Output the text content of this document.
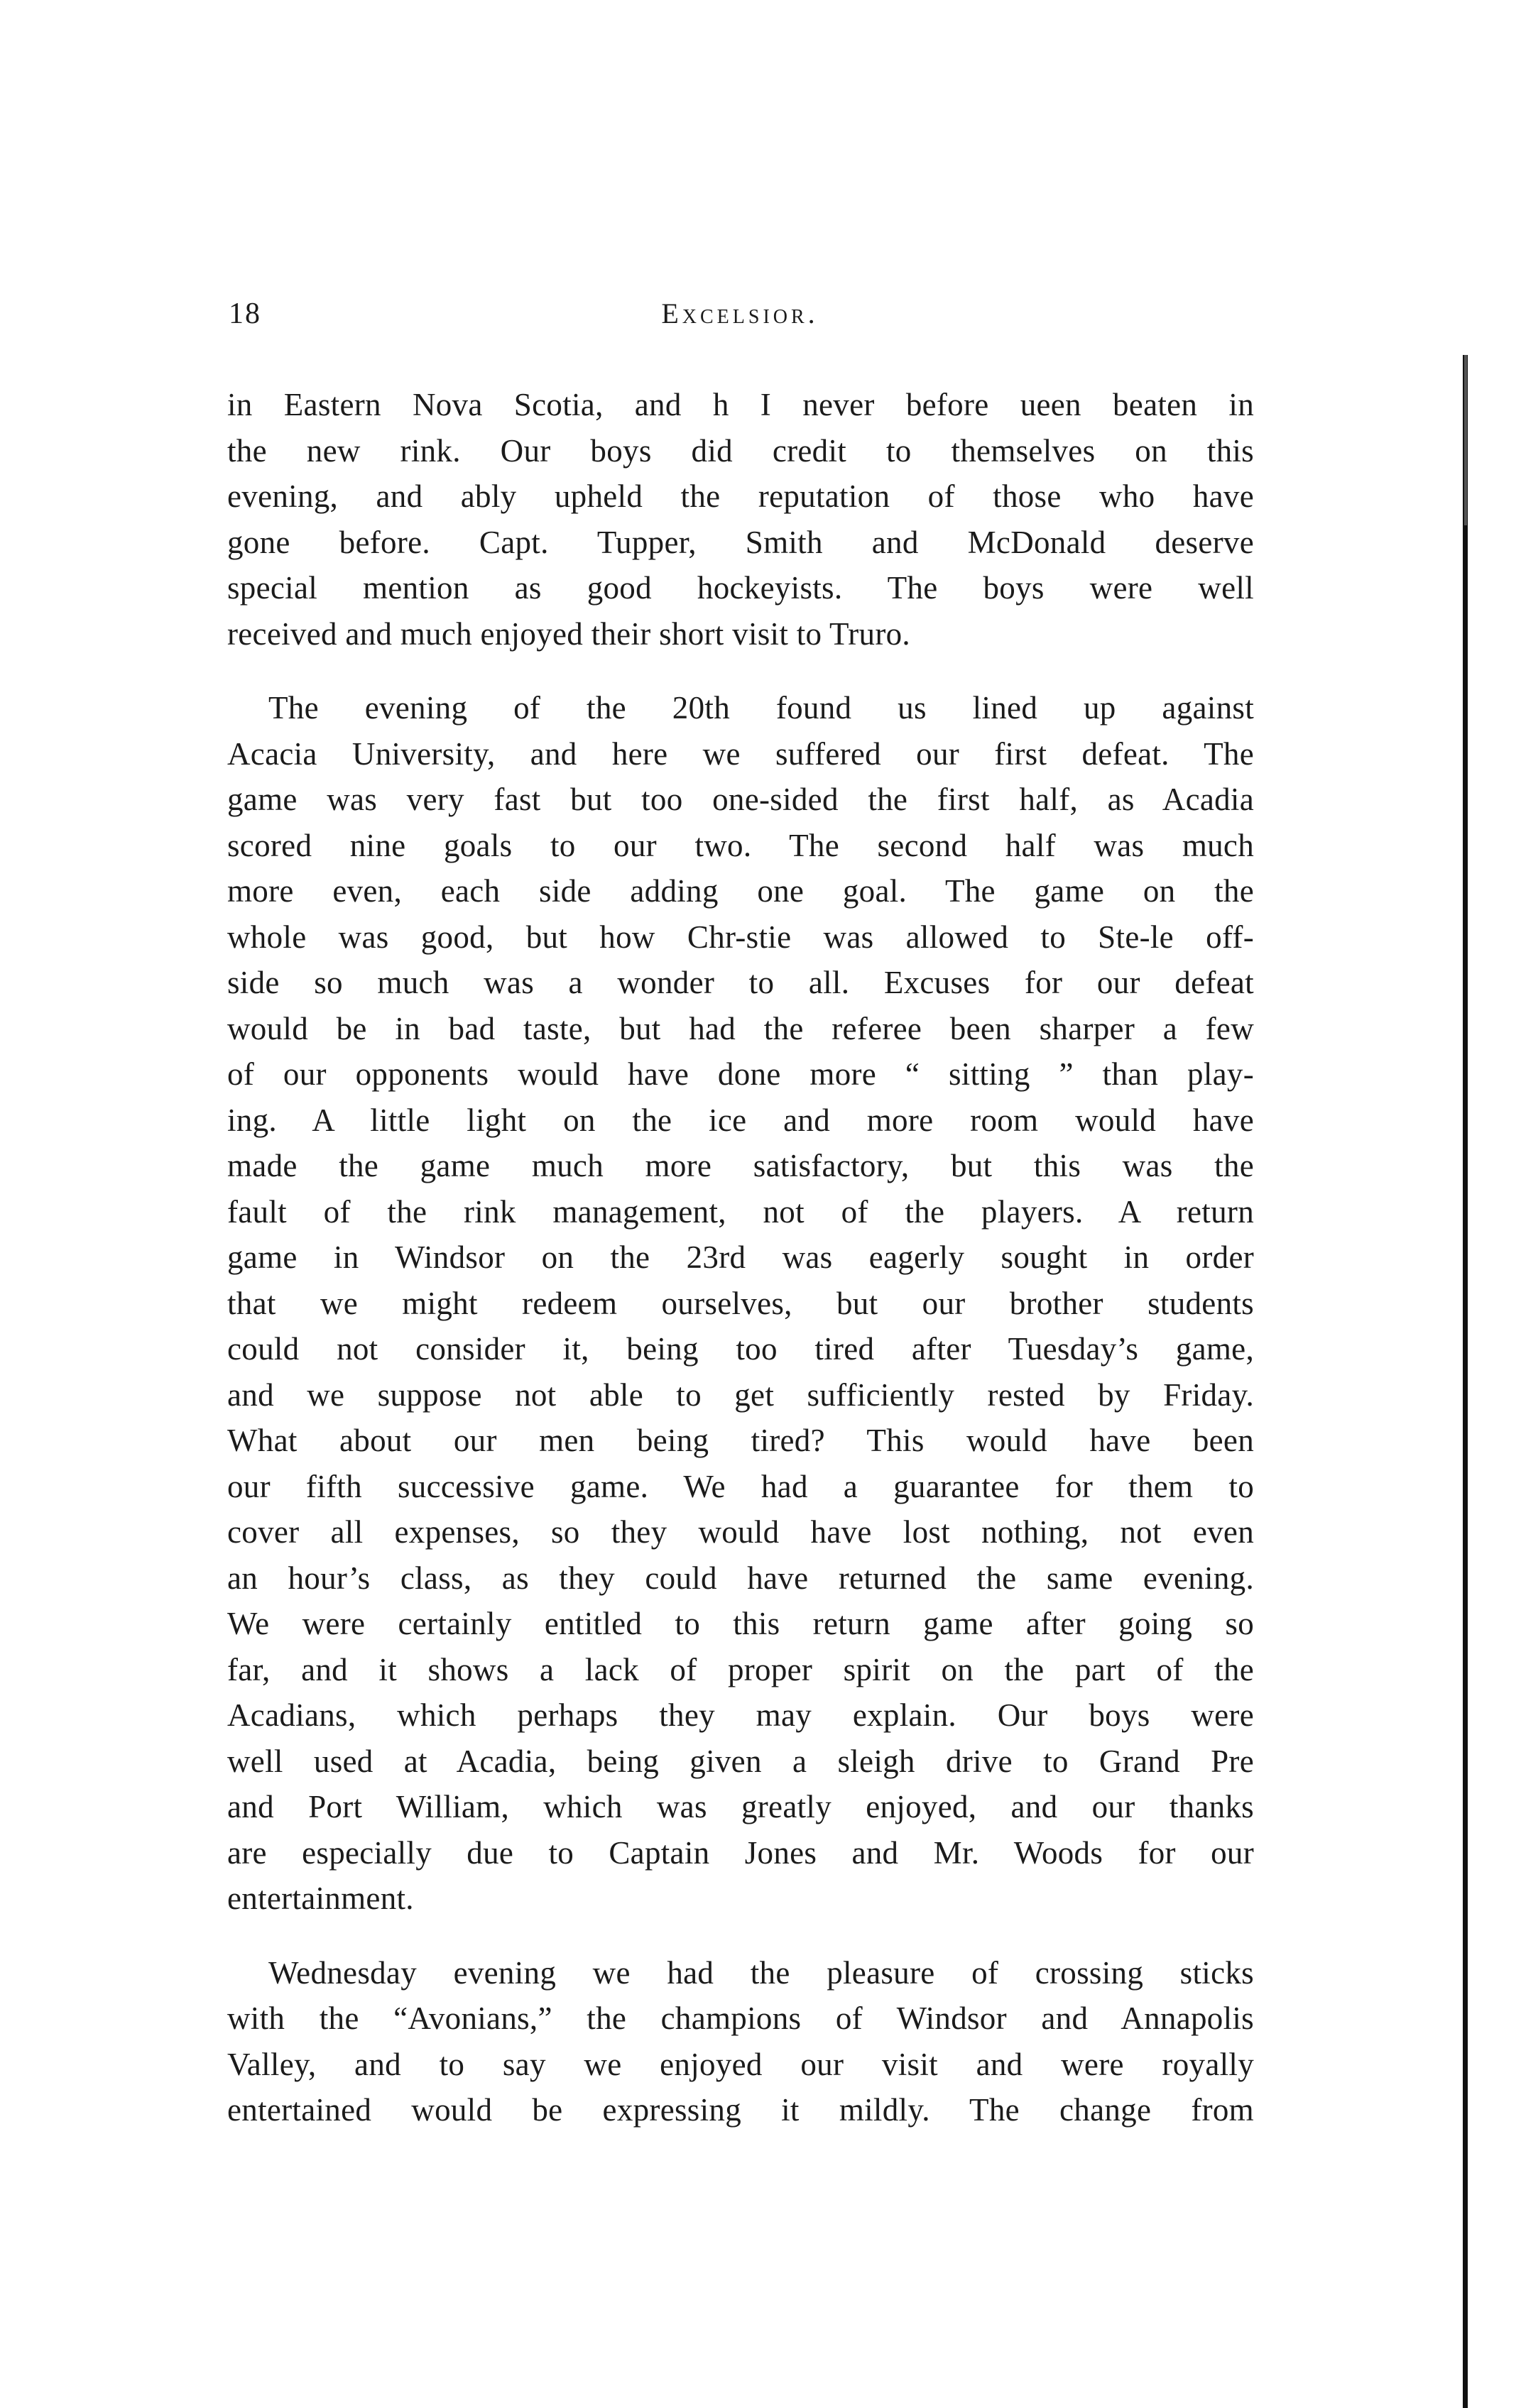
18	Excelsior.
in Eastern Nova Scotia, and h I never before ueen beaten in
the new rink. Our boys did credit to themselves on this
evening, and ably upheld the reputation of those who have
gone before. Capt. Tupper, Smith and McDonald deserve
special mention as good hockeyists. The boys were well
received and much enjoyed their short visit to Truro.
The evening of the 20th found us lined up against
Acacia University, and here we suffered our first defeat. The
game was very fast but too one-sided the first half, as Acadia
scored nine goals to our two. The second half was much
more even, each side adding one goal. The game on the
whole was good, but how Chr-stie was allowed to Ste-le off-
side so much was a wonder to all. Excuses for our defeat
would be in bad taste, but had the referee been sharper a few
of our opponents would have done more “ sitting ” than play-
ing. A little light on the ice and more room would have
made the game much more satisfactory, but this was the
fault of the rink management, not of the players. A return
game in Windsor on the 23rd was eagerly sought in order
that we might redeem ourselves, but our brother students
could not consider it, being too tired after Tuesday’s game,
and we suppose not able to get sufficiently rested by Friday.
What about our men being tired? This would have been
our fifth successive game. We had a guarantee for them to
cover all expenses, so they would have lost nothing, not even
an hour’s class, as they could have returned the same evening.
We were certainly entitled to this return game after going so
far, and it shows a lack of proper spirit on the part of the
Acadians, which perhaps they may explain. Our boys were
well used at Acadia, being given a sleigh drive to Grand Pre
and Port William, which was greatly enjoyed, and our thanks
are especially due to Captain Jones and Mr. Woods for our
entertainment.
Wednesday evening we had the pleasure of crossing sticks
with the “Avonians,” the champions of Windsor and Annapolis
Valley, and to say we enjoyed our visit and were royally
entertained would be expressing it mildly. The change from
